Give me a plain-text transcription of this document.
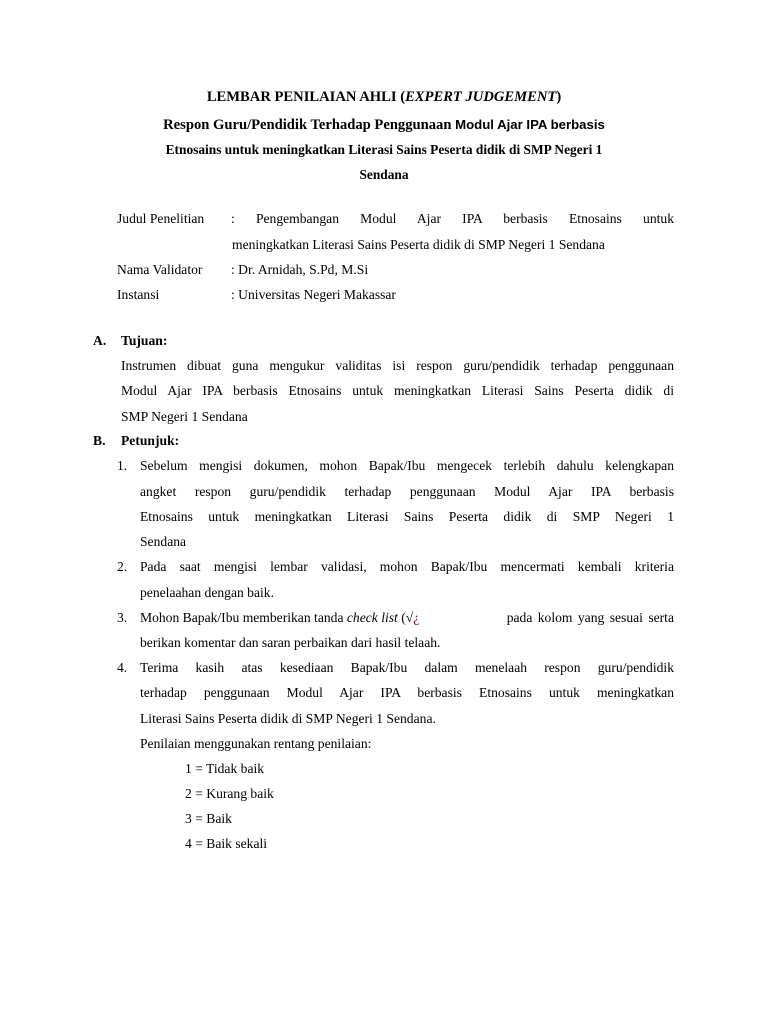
LEMBAR PENILAIAN AHLI (EXPERT JUDGEMENT)
Respon Guru/Pendidik Terhadap Penggunaan Modul Ajar IPA berbasis
Etnosains untuk meningkatkan Literasi Sains Peserta didik di SMP Negeri 1
Sendana
Judul Penelitian : Pengembangan Modul Ajar IPA berbasis Etnosains untuk
meningkatkan Literasi Sains Peserta didik di SMP Negeri 1 Sendana
Nama Validator : Dr. Arnidah, S.Pd, M.Si
Instansi	: Universitas Negeri Makassar
A. Tujuan:
Instrumen dibuat guna mengukur validitas isi respon guru/pendidik terhadap penggunaan
Modul Ajar IPA berbasis Etnosains untuk meningkatkan Literasi Sains Peserta didik di
SMP Negeri 1 Sendana
B. Petunjuk:
1. Sebelum mengisi dokumen, mohon Bapak/Ibu mengecek terlebih dahulu kelengkapan
angket respon guru/pendidik terhadap penggunaan Modul Ajar IPA berbasis
Etnosains untuk meningkatkan Literasi Sains Peserta didik di SMP Negeri 1
Sendana
2. Pada saat mengisi lembar validasi, mohon Bapak/Ibu mencermati kembali kriteria
penelaahan dengan baik.
3. Mohon Bapak/Ibu memberikan tanda check list (√¿	pada kolom yang sesuai serta
berikan komentar dan saran perbaikan dari hasil telaah.
4. Terima kasih atas kesediaan Bapak/Ibu dalam menelaah respon guru/pendidik
terhadap penggunaan Modul Ajar IPA berbasis Etnosains untuk meningkatkan
Literasi Sains Peserta didik di SMP Negeri 1 Sendana.
Penilaian menggunakan rentang penilaian:
1 = Tidak baik
2 = Kurang baik
3 = Baik
4 = Baik sekali
